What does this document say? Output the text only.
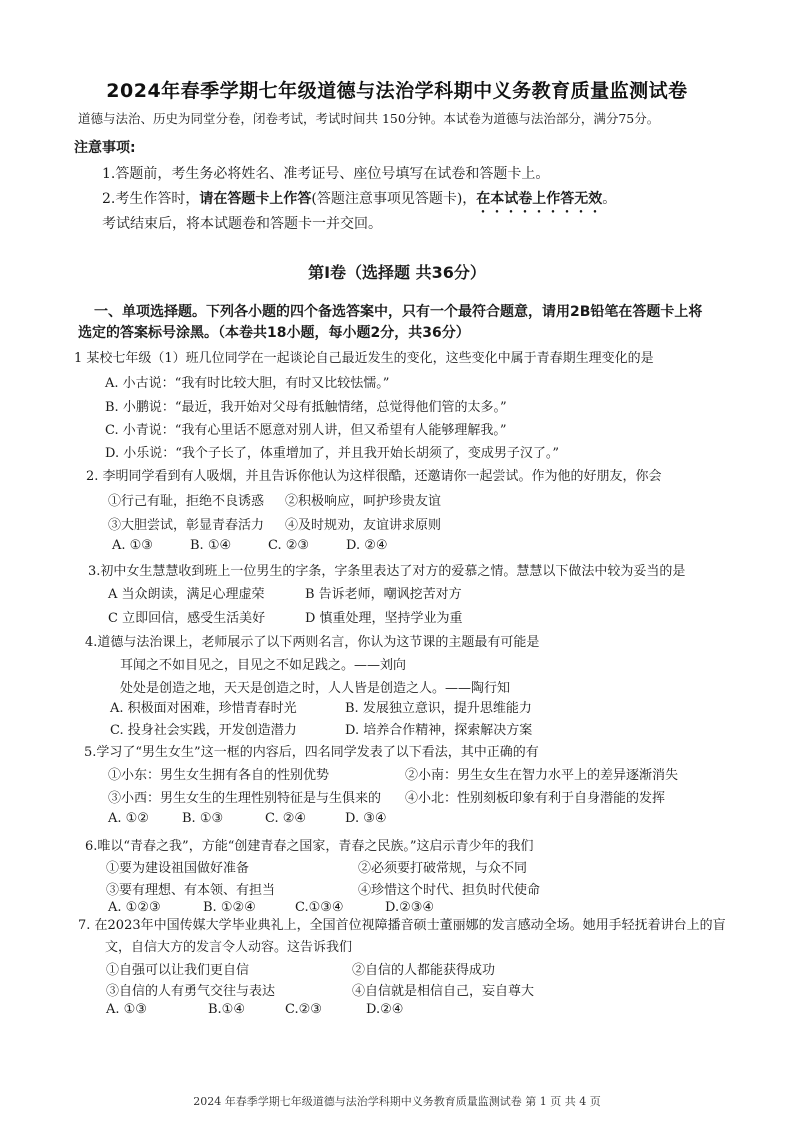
2024年春季学期七年级道德与法治学科期中义务教育质量监测试卷
道德与法治、历史为同堂分卷，闭卷考试，考试时间共 150分钟。本试卷为道德与法治部分，满分75分。
注意事项:
1.答题前，考生务必将姓名、准考证号、座位号填写在试卷和答题卡上。
2.考生作答时，请在答题卡上作答(答题注意事项见答题卡)，在本试卷上作答无效。
考试结束后，将本试题卷和答题卡一并交回。
第Ⅰ卷（选择题 共36分）
一、单项选择题。下列各小题的四个备选答案中，只有一个最符合题意，请用2B铅笔在答题卡上将
选定的答案标号涂黑。（本卷共18小题，每小题2分，共36分）
1 某校七年级（1）班几位同学在一起谈论自己最近发生的变化，这些变化中属于青春期生理变化的是
A. 小古说：“我有时比较大胆，有时又比较怯懦。”
B. 小鹏说：“最近，我开始对父母有抵触情绪，总觉得他们管的太多。”
C. 小青说：“我有心里话不愿意对别人讲，但又希望有人能够理解我。”
D. 小乐说：“我个子长了，体重增加了，并且我开始长胡须了，变成男子汉了。”
2. 李明同学看到有人吸烟，并且告诉你他认为这样很酷，还邀请你一起尝试。作为他的好朋友，你会
①行己有耻，拒绝不良诱惑 ②积极响应，呵护珍贵友谊
③大胆尝试，彰显青春活力 ④及时规劝，友谊讲求原则
A. ①③	B. ①④	C. ②③	D. ②④
3.初中女生慧慧收到班上一位男生的字条，字条里表达了对方的爱慕之情。慧慧以下做法中较为妥当的是
A 当众朗读，满足心理虚荣	B 告诉老师，嘲讽挖苦对方
C 立即回信，感受生活美好	D 慎重处理，坚持学业为重
4.道德与法治课上，老师展示了以下两则名言，你认为这节课的主题最有可能是
耳闻之不如目见之，目见之不如足践之。——刘向
处处是创造之地，天天是创造之时，人人皆是创造之人。——陶行知
A. 积极面对困难，珍惜青春时光	B. 发展独立意识，提升思维能力
C. 投身社会实践，开发创造潜力	D. 培养合作精神，探索解决方案
5.学习了“男生女生”这一框的内容后，四名同学发表了以下看法，其中正确的有
①小东：男生女生拥有各自的性别优势	②小南：男生女生在智力水平上的差异逐渐消失
③小西：男生女生的生理性别特征是与生俱来的 ④小北：性别刻板印象有利于自身潜能的发挥
A. ①②	B. ①③	C. ②④	D. ③④
6.唯以“青春之我”，方能“创建青春之国家，青春之民族。”这启示青少年的我们
①要为建设祖国做好准备	②必须要打破常规，与众不同
③要有理想、有本领、有担当	④珍惜这个时代、担负时代使命
A. ①②③	B. ①②④	C.①③④	D.②③④
7. 在2023年中国传媒大学毕业典礼上，全国首位视障播音硕士董丽娜的发言感动全场。她用手轻抚着讲台上的盲
文，自信大方的发言令人动容。这告诉我们
①自强可以让我们更自信	②自信的人都能获得成功
③自信的人有勇气交往与表达	④自信就是相信自己，妄自尊大
A. ①③	B.①④	C.②③	D.②④
2024 年春季学期七年级道德与法治学科期中义务教育质量监测试卷 第 1 页 共 4 页
